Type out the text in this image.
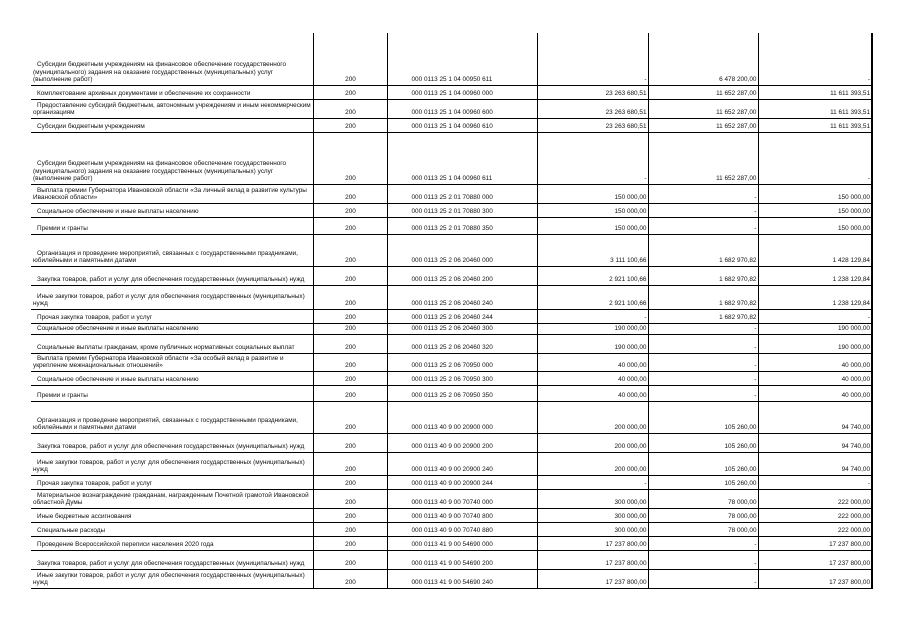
Субсидии бюджетным учреждениям на финансовое обеспечение государственного (муниципального) задания на оказание государственных (муниципальных) услуг (выполнение работ)	200	000 0113 25 1 04 00950 611	-	6 478 200,00	-
Комплектование архивных документами и обеспечение их сохранности	200	000 0113 25 1 04 00960 000	23 263 680,51	11 652 287,00	11 611 393,51
Предоставление субсидий бюджетным, автономным учреждениям и иным некоммерческим организациям	200	000 0113 25 1 04 00960 600	23 263 680,51	11 652 287,00	11 611 393,51
Субсидии бюджетным учреждениям	200	000 0113 25 1 04 00960 610	23 263 680,51	11 652 287,00	11 611 393,51
Субсидии бюджетным учреждениям на финансовое обеспечение государственного (муниципального) задания на оказание государственных (муниципальных) услуг (выполнение работ)	200	000 0113 25 1 04 00960 611	-	11 652 287,00	-
Выплата премии Губернатора Ивановской области «За личный вклад в развитие культуры Ивановской области»	200	000 0113 25 2 01 70880 000	150 000,00	-	150 000,00
Социальное обеспечение и иные выплаты населению	200	000 0113 25 2 01 70880 300	150 000,00	-	150 000,00
Премии и гранты	200	000 0113 25 2 01 70880 350	150 000,00	-	150 000,00
Организация и проведение мероприятий, связанных с государственными праздниками, юбилейными и памятными датами	200	000 0113 25 2 06 20460 000	3 111 100,66	1 682 970,82	1 428 129,84
Закупка товаров, работ и услуг для обеспечения государственных (муниципальных) нужд	200	000 0113 25 2 06 20460 200	2 921 100,66	1 682 970,82	1 238 129,84
Иные закупки товаров, работ и услуг для обеспечения государственных (муниципальных) нужд	200	000 0113 25 2 06 20460 240	2 921 100,66	1 682 970,82	1 238 129,84
Прочая закупка товаров, работ и услуг	200	000 0113 25 2 06 20460 244	-	1 682 970,82	-
Социальное обеспечение и иные выплаты населению	200	000 0113 25 2 06 20460 300	190 000,00	-	190 000,00
Социальные выплаты гражданам, кроме публичных нормативных социальных выплат	200	000 0113 25 2 06 20460 320	190 000,00	-	190 000,00
Выплата премии Губернатора Ивановской области «За особый вклад в развитие и укрепление межнациональных отношений»	200	000 0113 25 2 06 70950 000	40 000,00	-	40 000,00
Социальное обеспечение и иные выплаты населению	200	000 0113 25 2 06 70950 300	40 000,00	-	40 000,00
Премии и гранты	200	000 0113 25 2 06 70950 350	40 000,00	-	40 000,00
Организация и проведение мероприятий, связанных с государственными праздниками, юбилейными и памятными датами	200	000 0113 40 9 00 20900 000	200 000,00	105 260,00	94 740,00
Закупка товаров, работ и услуг для обеспечения государственных (муниципальных) нужд	200	000 0113 40 9 00 20900 200	200 000,00	105 260,00	94 740,00
Иные закупки товаров, работ и услуг для обеспечения государственных (муниципальных) нужд	200	000 0113 40 9 00 20900 240	200 000,00	105 260,00	94 740,00
Прочая закупка товаров, работ и услуг	200	000 0113 40 9 00 20900 244	-	105 260,00	-
Материальное вознаграждение гражданам, награжденным Почетной грамотой Ивановской областной Думы	200	000 0113 40 9 00 70740 000	300 000,00	78 000,00	222 000,00
Иные бюджетные ассигнования	200	000 0113 40 9 00 70740 800	300 000,00	78 000,00	222 000,00
Специальные расходы	200	000 0113 40 9 00 70740 880	300 000,00	78 000,00	222 000,00
Проведение Всероссийской переписи населения 2020 года	200	000 0113 41 9 00 54690 000	17 237 800,00	-	17 237 800,00
Закупка товаров, работ и услуг для обеспечения государственных (муниципальных) нужд	200	000 0113 41 9 00 54690 200	17 237 800,00	-	17 237 800,00
Иные закупки товаров, работ и услуг для обеспечения государственных (муниципальных) нужд	200	000 0113 41 9 00 54690 240	17 237 800,00	-	17 237 800,00
